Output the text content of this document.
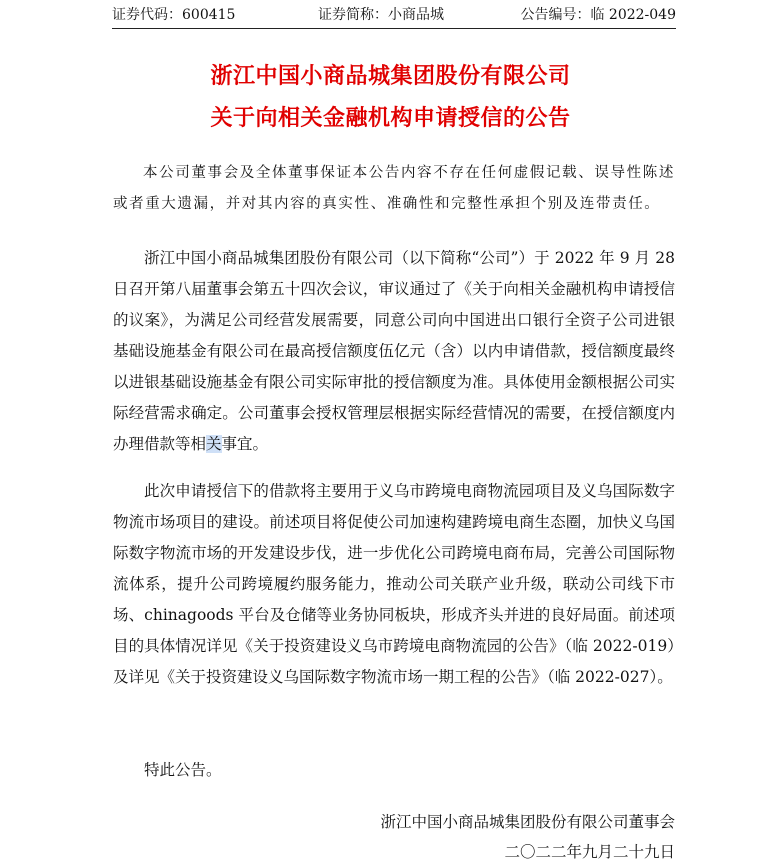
证券代码：600415	证券简称：小商品城	公告编号：临 2022-049
浙江中国小商品城集团股份有限公司
关于向相关金融机构申请授信的公告

本公司董事会及全体董事保证本公告内容不存在任何虚假记载、误导性陈述或者重大遗漏，并对其内容的真实性、准确性和完整性承担个别及连带责任。

浙江中国小商品城集团股份有限公司（以下简称“公司”）于 2022 年 9 月 28 日召开第八届董事会第五十四次会议，审议通过了《关于向相关金融机构申请授信的议案》，为满足公司经营发展需要，同意公司向中国进出口银行全资子公司进银基础设施基金有限公司在最高授信额度伍亿元（含）以内申请借款，授信额度最终以进银基础设施基金有限公司实际审批的授信额度为准。具体使用金额根据公司实际经营需求确定。公司董事会授权管理层根据实际经营情况的需要，在授信额度内办理借款等相关事宜。

此次申请授信下的借款将主要用于义乌市跨境电商物流园项目及义乌国际数字物流市场项目的建设。前述项目将促使公司加速构建跨境电商生态圈，加快义乌国际数字物流市场的开发建设步伐，进一步优化公司跨境电商布局，完善公司国际物流体系，提升公司跨境履约服务能力，推动公司关联产业升级，联动公司线下市场、chinagoods 平台及仓储等业务协同板块，形成齐头并进的良好局面。前述项目的具体情况详见《关于投资建设义乌市跨境电商物流园的公告》（临 2022-019）及详见《关于投资建设义乌国际数字物流市场一期工程的公告》（临 2022-027）。

特此公告。

浙江中国小商品城集团股份有限公司董事会
二〇二二年九月二十九日
